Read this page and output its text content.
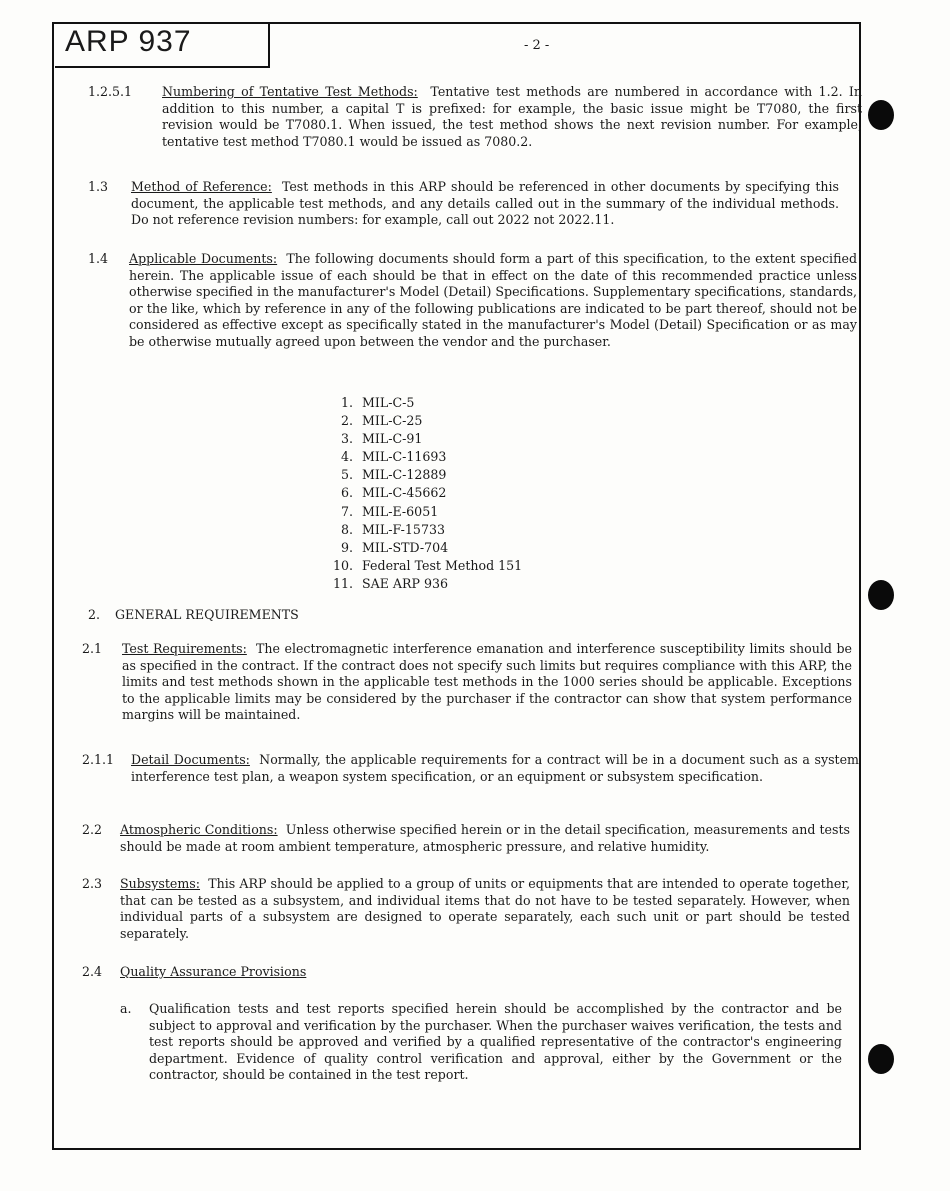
ARP 937	- 2 -
1.2.5.1 Numbering of Tentative Test Methods: Tentative test methods are numbered in accordance with 1.2. In addition to this number, a capital T is prefixed: for example, the basic issue might be T7080, the first revision would be T7080.1. When issued, the test method shows the next revision number. For example, tentative test method T7080.1 would be issued as 7080.2.
1.3 Method of Reference: Test methods in this ARP should be referenced in other documents by specifying this document, the applicable test methods, and any details called out in the summary of the individual methods. Do not reference revision numbers: for example, call out 2022 not 2022.11.
1.4 Applicable Documents: The following documents should form a part of this specification, to the extent specified herein. The applicable issue of each should be that in effect on the date of this recommended practice unless otherwise specified in the manufacturer's Model (Detail) Specifications. Supplementary specifications, standards, or the like, which by reference in any of the following publications are indicated to be part thereof, should not be considered as effective except as specifically stated in the manufacturer's Model (Detail) Specification or as may be otherwise mutually agreed upon between the vendor and the purchaser.
1. MIL-C-5
2. MIL-C-25
3. MIL-C-91
4. MIL-C-11693
5. MIL-C-12889
6. MIL-C-45662
7. MIL-E-6051
8. MIL-F-15733
9. MIL-STD-704
10. Federal Test Method 151
11. SAE ARP 936
2. GENERAL REQUIREMENTS
2.1 Test Requirements: The electromagnetic interference emanation and interference susceptibility limits should be as specified in the contract. If the contract does not specify such limits but requires compliance with this ARP, the limits and test methods shown in the applicable test methods in the 1000 series should be applicable. Exceptions to the applicable limits may be considered by the purchaser if the contractor can show that system performance margins will be maintained.
2.1.1 Detail Documents: Normally, the applicable requirements for a contract will be in a document such as a system interference test plan, a weapon system specification, or an equipment or subsystem specification.
2.2 Atmospheric Conditions: Unless otherwise specified herein or in the detail specification, measurements and tests should be made at room ambient temperature, atmospheric pressure, and relative humidity.
2.3 Subsystems: This ARP should be applied to a group of units or equipments that are intended to operate together, that can be tested as a subsystem, and individual items that do not have to be tested separately. However, when individual parts of a subsystem are designed to operate separately, each such unit or part should be tested separately.
2.4 Quality Assurance Provisions
a. Qualification tests and test reports specified herein should be accomplished by the contractor and be subject to approval and verification by the purchaser. When the purchaser waives verification, the tests and test reports should be approved and verified by a qualified representative of the contractor's engineering department. Evidence of quality control verification and approval, either by the Government or the contractor, should be contained in the test report.
